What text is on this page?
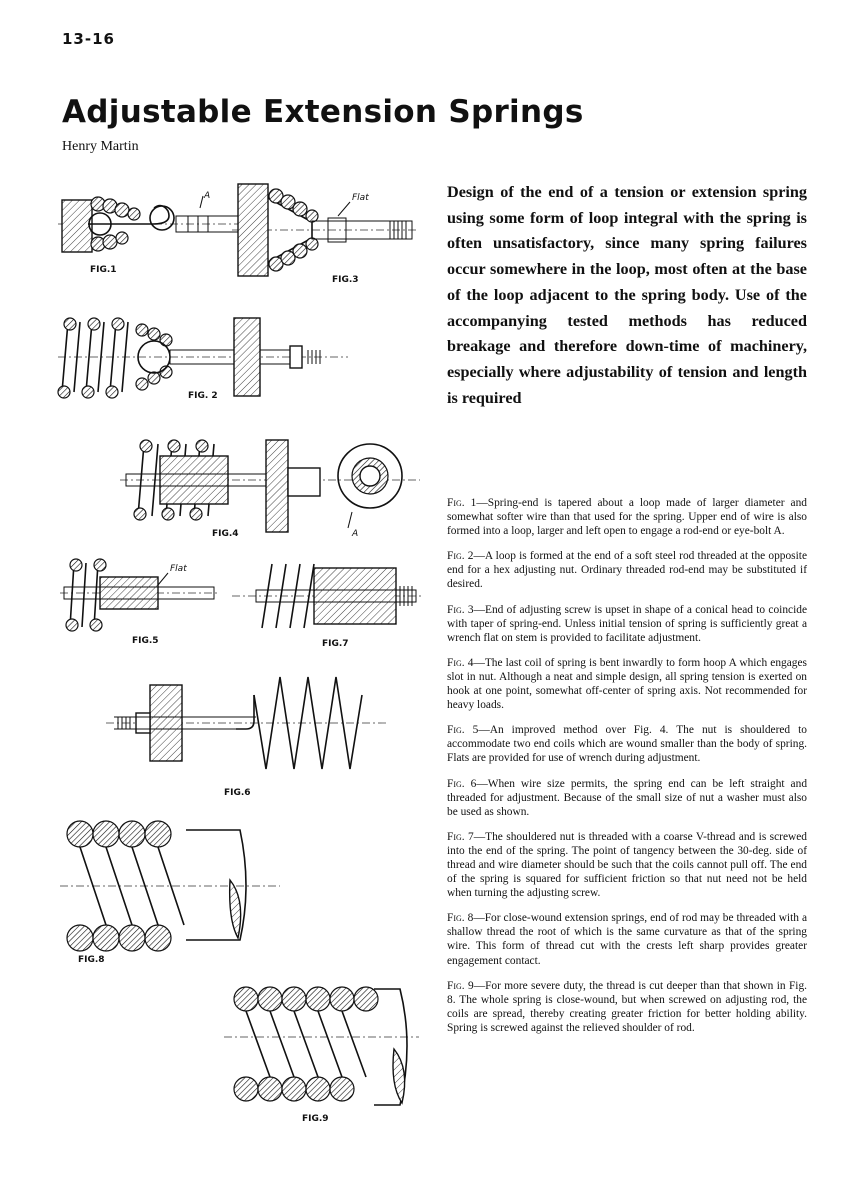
13-16
Adjustable Extension Springs
Henry Martin

Design of the end of a tension or extension spring using some form of loop integral with the spring is often unsatisfactory, since many spring failures occur somewhere in the loop, most often at the base of the loop adjacent to the spring body. Use of the accompanying tested methods has reduced breakage and therefore down-time of machinery, especially where adjustability of tension and length is required

A
FIG.1
Flat
FIG.3
FIG. 2
A
FIG.4
Flat
FIG.5	FIG.7
FIG.6
FIG.8
FIG.9

Fig. 1—Spring-end is tapered about a loop made of larger diameter and somewhat softer wire than that used for the spring. Upper end of wire is also formed into a loop, larger and left open to engage a rod-end or eye-bolt A.

Fig. 2—A loop is formed at the end of a soft steel rod threaded at the opposite end for a hex adjusting nut. Ordinary threaded rod-end may be substituted if desired.

Fig. 3—End of adjusting screw is upset in shape of a conical head to coincide with taper of spring-end. Unless initial tension of spring is sufficiently great a wrench flat on stem is provided to facilitate adjustment.

Fig. 4—The last coil of spring is bent inwardly to form hoop A which engages slot in nut. Although a neat and simple design, all spring tension is exerted on hook at one point, somewhat off-center of spring axis. Not recommended for heavy loads.

Fig. 5—An improved method over Fig. 4. The nut is shouldered to accommodate two end coils which are wound smaller than the body of spring. Flats are provided for use of wrench during adjustment.

Fig. 6—When wire size permits, the spring end can be left straight and threaded for adjustment. Because of the small size of nut a washer must also be used as shown.

Fig. 7—The shouldered nut is threaded with a coarse V-thread and is screwed into the end of the spring. The point of tangency between the 30-deg. side of thread and wire diameter should be such that the coils cannot pull off. The end of the spring is squared for sufficient friction so that nut need not be held when turning the adjusting screw.

Fig. 8—For close-wound extension springs, end of rod may be threaded with a shallow thread the root of which is the same curvature as that of the spring wire. This form of thread cut with the crests left sharp provides greater engagement contact.

Fig. 9—For more severe duty, the thread is cut deeper than that shown in Fig. 8. The whole spring is close-wound, but when screwed on adjusting rod, the coils are spread, thereby creating greater friction for better holding ability. Spring is screwed against the relieved shoulder of rod.
